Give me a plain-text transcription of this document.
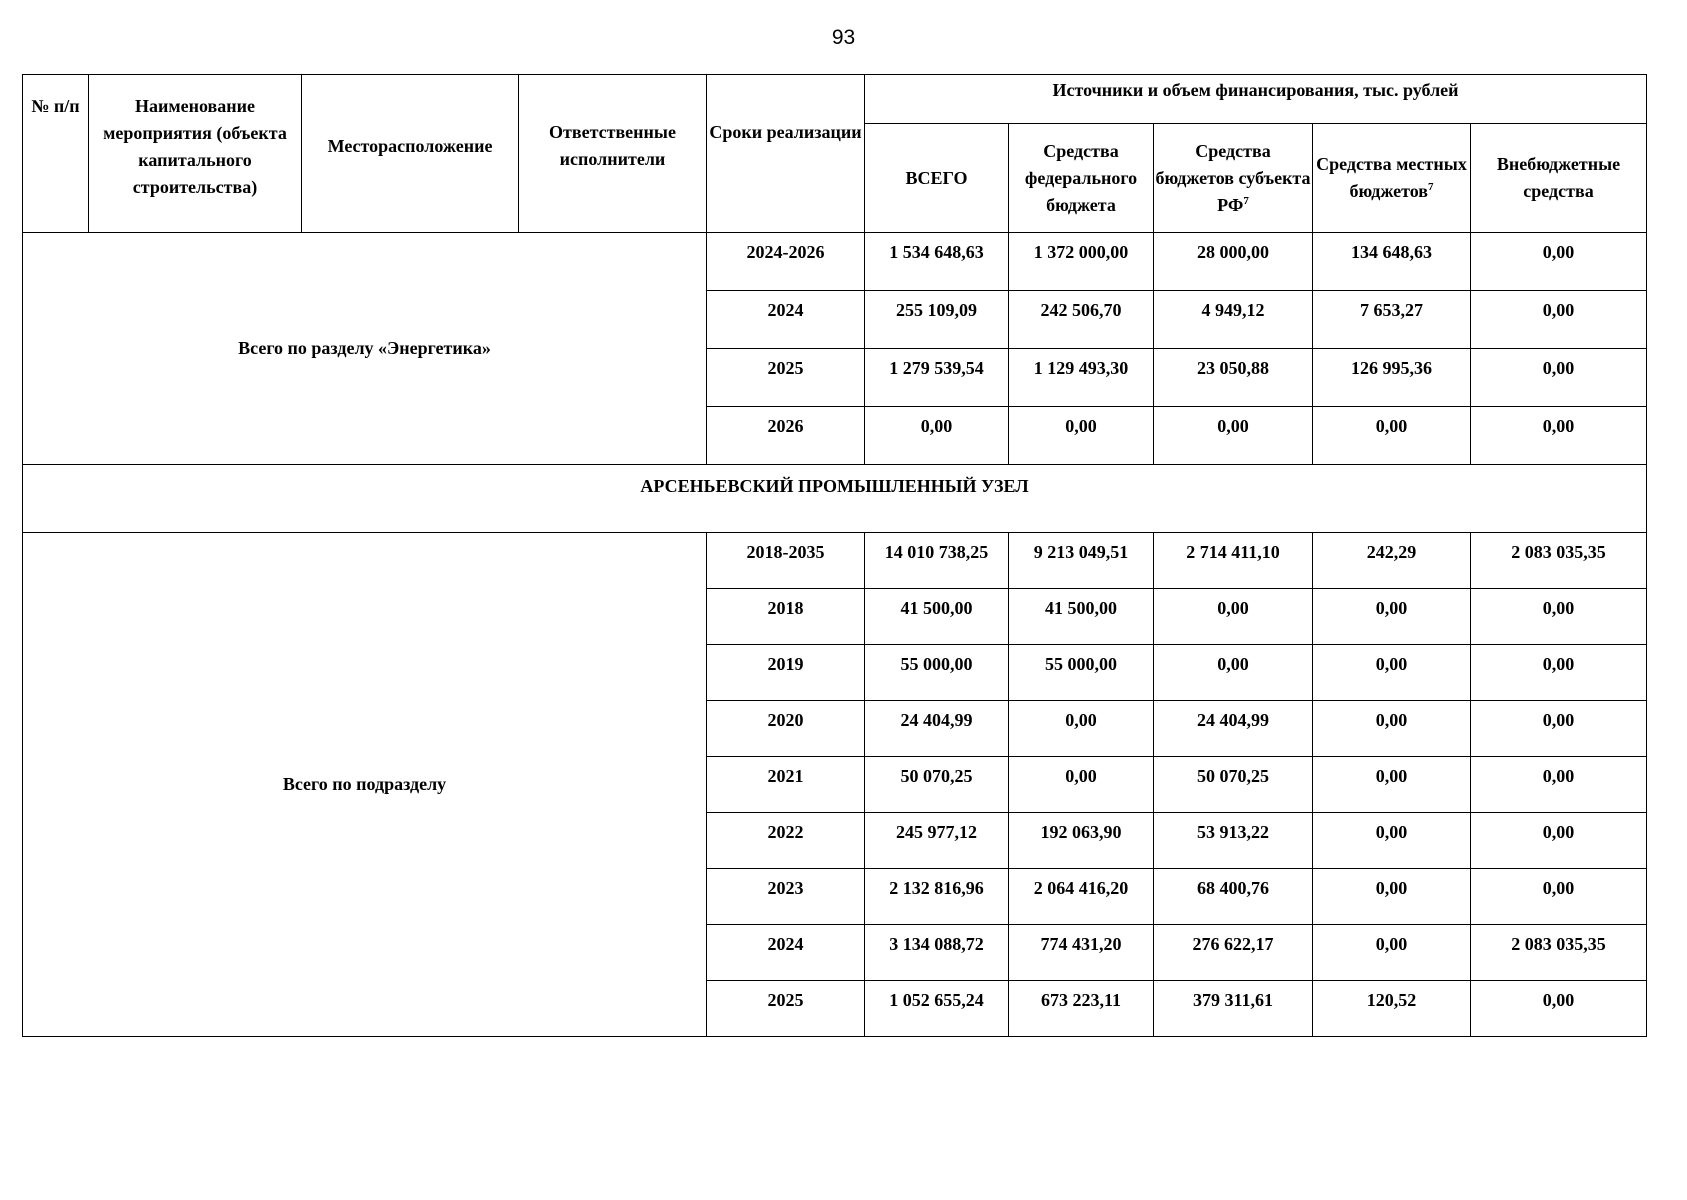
93
№ п/п	Наименование мероприятия (объекта капитального строительства)	Месторасположение	Ответственные исполнители	Сроки реализации	Источники и объем финансирования, тыс. рублей				
					ВСЕГО	Средства федерального бюджета	Средства бюджетов субъекта $РФ^7$	Средства местных бюджетов$^7$	Внебюджетные средства
Всего по разделу «Энергетика»				2024-2026	1 534 648,63	1 372 000,00	28 000,00	134 648,63	0,00
				2024	255 109,09	242 506,70	4 949,12	7 653,27	0,00
				2025	1 279 539,54	1 129 493,30	23 050,88	126 995,36	0,00
				2026	0,00	0,00	0,00	0,00	0,00
АРСЕНЬЕВСКИЙ ПРОМЫШЛЕННЫЙ УЗЕЛ									
Всего по подразделу				2018-2035	14 010 738,25	9 213 049,51	2 714 411,10	242,29	2 083 035,35
				2018	41 500,00	41 500,00	0,00	0,00	0,00
				2019	55 000,00	55 000,00	0,00	0,00	0,00
				2020	24 404,99	0,00	24 404,99	0,00	0,00
				2021	50 070,25	0,00	50 070,25	0,00	0,00
				2022	245 977,12	192 063,90	53 913,22	0,00	0,00
				2023	2 132 816,96	2 064 416,20	68 400,76	0,00	0,00
				2024	3 134 088,72	774 431,20	276 622,17	0,00	2 083 035,35
				2025	1 052 655,24	673 223,11	379 311,61	120,52	0,00
